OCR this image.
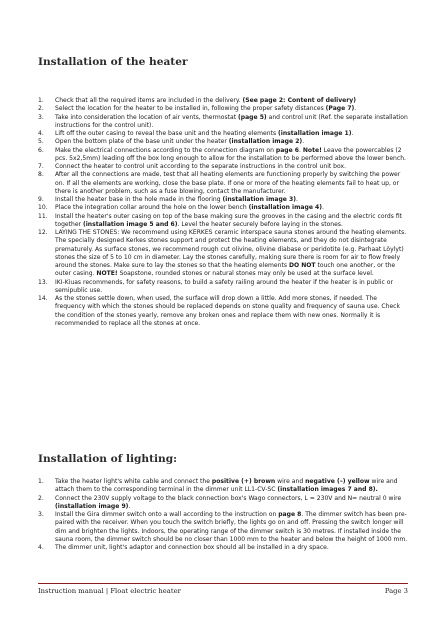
Installation of the heater
1. Check that all the required items are included in the delivery. (See page 2: Content of delivery)
2. Select the location for the heater to be installed in, following the proper safety distances (Page 7).
3. Take into consideration the location of air vents, thermostat (page 5) and control unit (Ref. the separate installation instructions for the control unit).
4. Lift off the outer casing to reveal the base unit and the heating elements (installation image 1).
5. Open the bottom plate of the base unit under the heater (installation image 2).
6. Make the electrical connections according to the connection diagram on page 6. Note! Leave the powercables (2 pcs. 5x2,5mm) leading off the box long enough to allow for the installation to be performed above the lower bench.
7. Connect the heater to control unit according to the separate instructions in the control unit box.
8. After all the connections are made, test that all heating elements are functioning properly by switching the power on. If all the elements are working, close the base plate. If one or more of the heating elements fail to heat up, or there is another problem, such as a fuse blowing, contact the manufacturer.
9. Install the heater base in the hole made in the flooring (installation image 3).
10. Place the integration collar around the hole on the lower bench (installation image 4).
11. Install the heater's outer casing on top of the base making sure the grooves in the casing and the electric cords fit together (installation image 5 and 6). Level the heater securely before laying in the stones.
12. LAYING THE STONES: We recommend using KERKES ceramic interspace sauna stones around the heating elements. The specially designed Kerkes stones support and protect the heating elements, and they do not disintegrate prematurely. As surface stones, we recommend rough cut olivine, olivine diabase or peridotite (e.g. Parhaat Löylyt) stones the size of 5 to 10 cm in diameter. Lay the stones carefully, making sure there is room for air to flow freely around the stones. Make sure to lay the stones so that the heating elements DO NOT touch one another, or the outer casing. NOTE! Soapstone, rounded stones or natural stones may only be used at the surface level.
13. IKI-Kiuas recommends, for safety reasons, to build a safety railing around the heater if the heater is in public or semipublic use.
14. As the stones settle down, when used, the surface will drop down a little. Add more stones, if needed. The frequency with which the stones should be replaced depends on stone quality and frequency of sauna use. Check the condition of the stones yearly, remove any broken ones and replace them with new ones. Normally it is recommended to replace all the stones at once.
Installation of lighting:
1. Take the heater light's white cable and connect the positive (+) brown wire and negative (–) yellow wire and attach them to the corresponding terminal in the dimmer unit LL1-CV-SC (installation images 7 and 8).
2. Connect the 230V supply voltage to the black connection box's Wago connectors, L = 230V and N= neutral 0 wire (installation image 9).
3. Install the Gira dimmer switch onto a wall according to the instruction on page 8. The dimmer switch has been pre-paired with the receiver. When you touch the switch briefly, the lights go on and off. Pressing the switch longer will dim and brighten the lights. Indoors, the operating range of the dimmer switch is 30 metres. If installed inside the sauna room, the dimmer switch should be no closer than 1000 mm to the heater and below the height of 1000 mm.
4. The dimmer unit, light's adaptor and connection box should all be installed in a dry space.
Instruction manual | Float electric heater	Page 3
